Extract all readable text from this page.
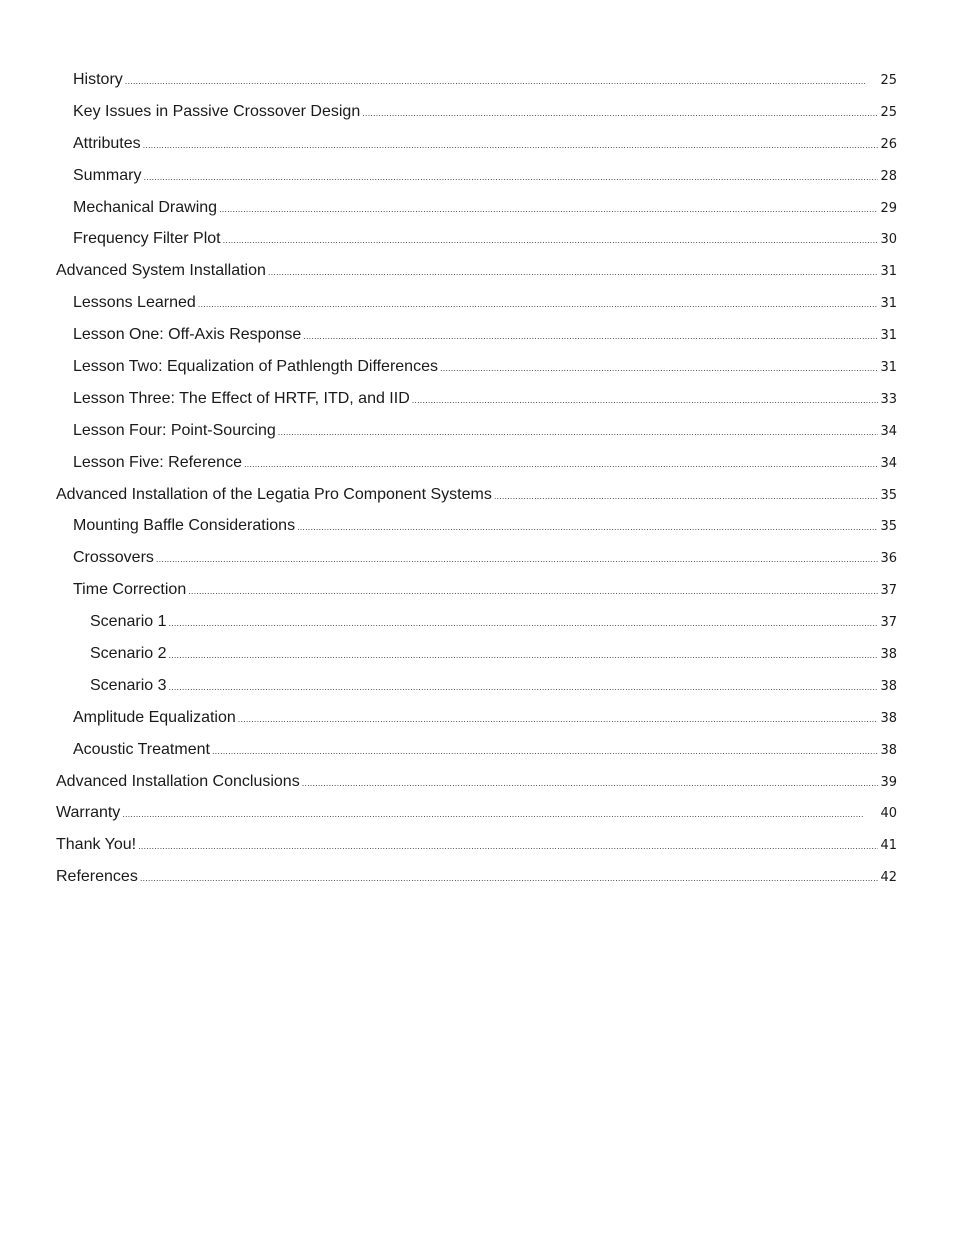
History . . .	25
Key Issues in Passive Crossover Design . . .	25
Attributes . . .	26
Summary . . .	28
Mechanical Drawing . . .	29
Frequency Filter Plot . . .	30
Advanced System Installation . . .	31
Lessons Learned . . .	31
Lesson One: Off-Axis Response . . .	31
Lesson Two: Equalization of Pathlength Differences . . .	31
Lesson Three: The Effect of HRTF, ITD, and IID . . .	33
Lesson Four: Point-Sourcing . . .	34
Lesson Five: Reference . . .	34
Advanced Installation of the Legatia Pro Component Systems . . .	35
Mounting Baffle Considerations . . .	35
Crossovers . . .	36
Time Correction . . .	37
Scenario 1 . . .	37
Scenario 2 . . .	38
Scenario 3 . . .	38
Amplitude Equalization . . .	38
Acoustic Treatment . . .	38
Advanced Installation Conclusions . . .	39
Warranty . . .	40
Thank You! . . .	41
References . . .	42
